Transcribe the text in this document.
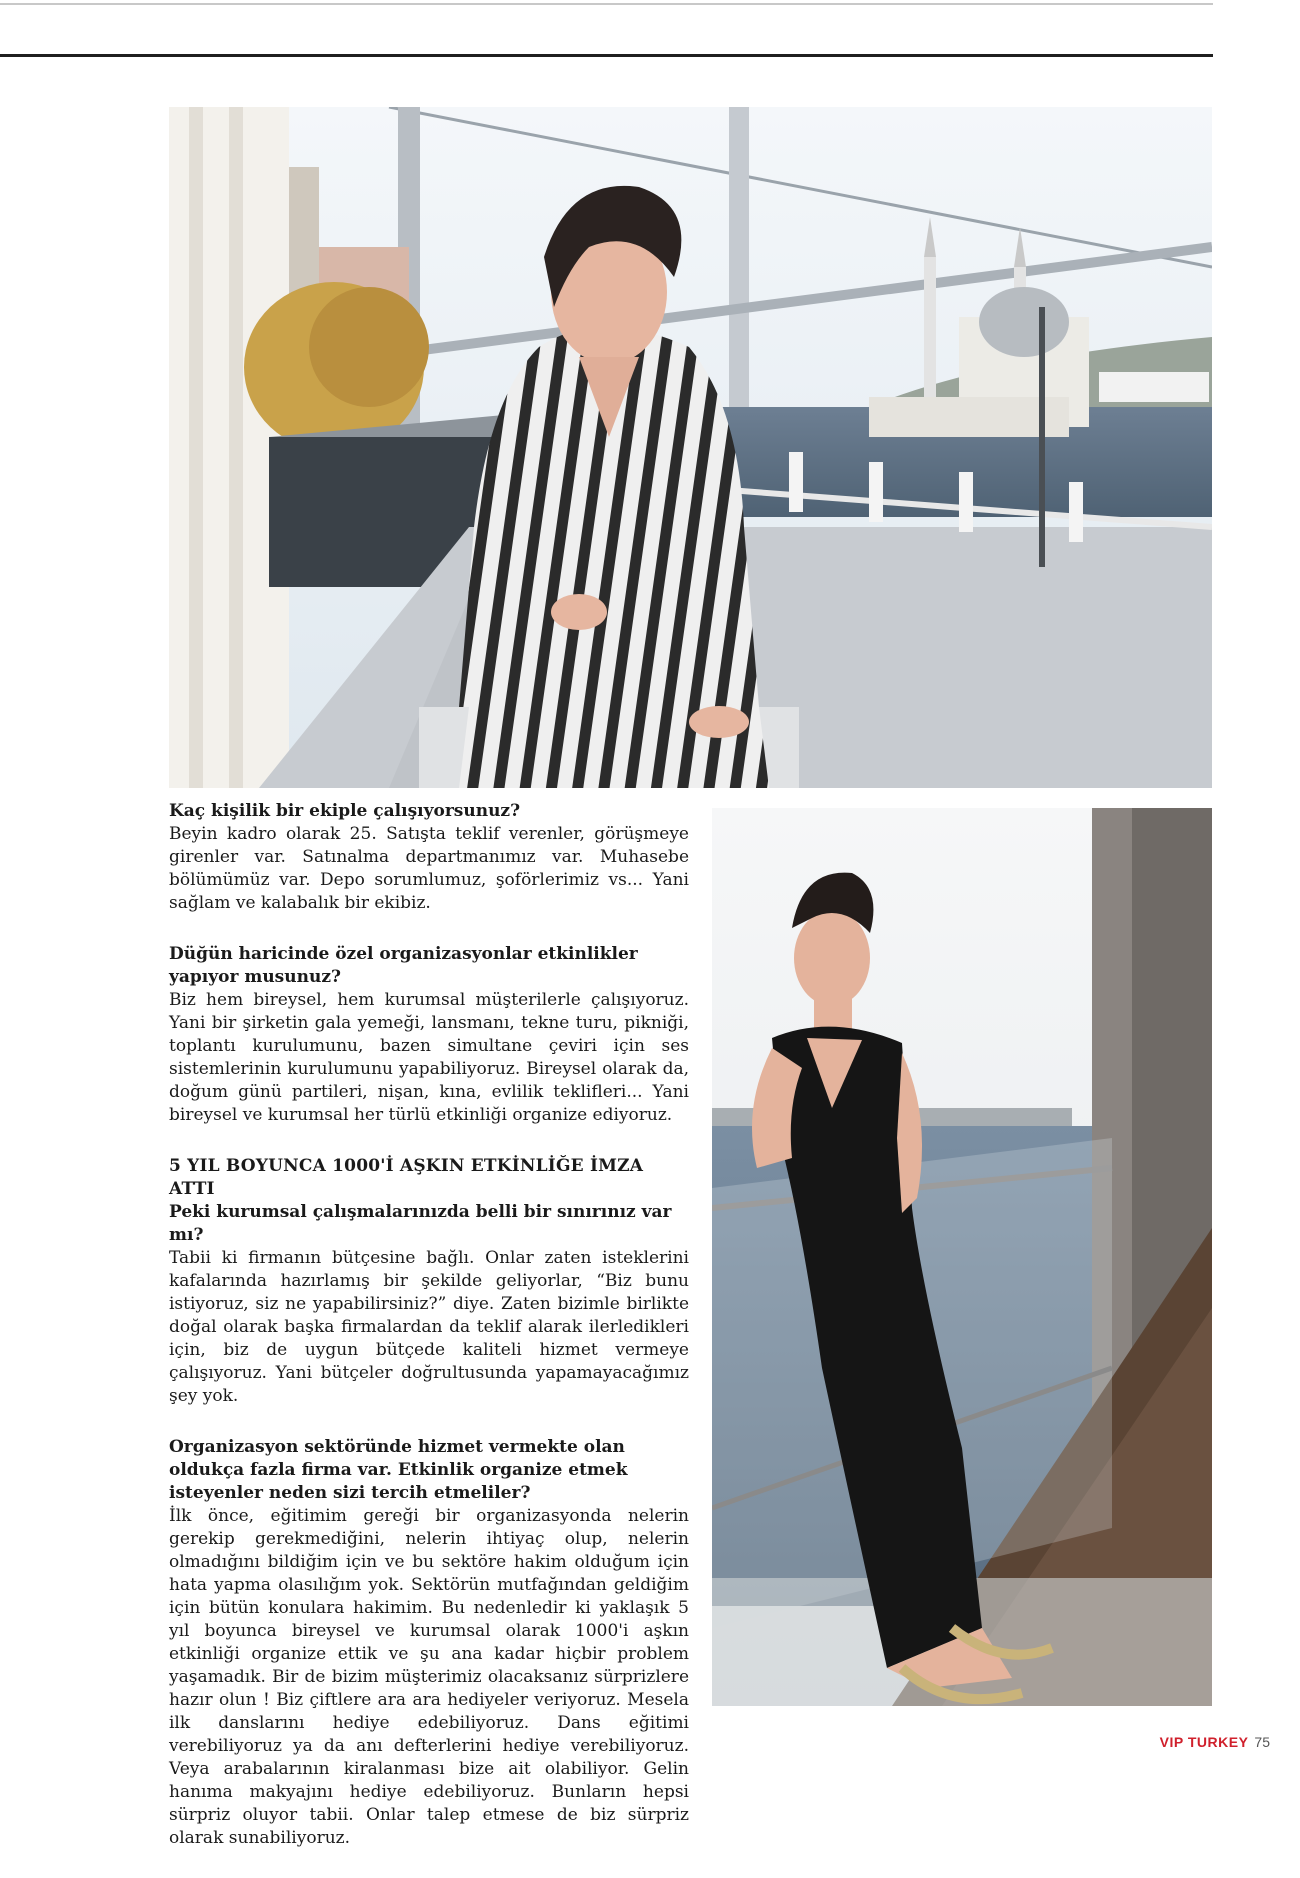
Kaç kişilik bir ekiple çalışıyorsunuz?

Beyin kadro olarak 25. Satışta teklif verenler, görüşmeye girenler var. Satınalma departmanımız var. Muhasebe bölümümüz var. Depo sorumlumuz, şoförlerimiz vs... Yani sağlam ve kalabalık bir ekibiz.

Düğün haricinde özel organizasyonlar etkinlikler yapıyor musunuz?

Biz hem bireysel, hem kurumsal müşterilerle çalışıyoruz. Yani bir şirketin gala yemeği, lansmanı, tekne turu, pikniği, toplantı kurulumunu, bazen simultane çeviri için ses sistemlerinin kurulumunu yapabiliyoruz. Bireysel olarak da, doğum günü partileri, nişan, kına, evlilik teklifleri... Yani bireysel ve kurumsal her türlü etkinliği organize ediyoruz.

5 YIL BOYUNCA 1000'İ AŞKIN ETKİNLİĞE İMZA ATTI

Peki kurumsal çalışmalarınızda belli bir sınırınız var mı?

Tabii ki firmanın bütçesine bağlı. Onlar zaten isteklerini kafalarında hazırlamış bir şekilde geliyorlar, “Biz bunu istiyoruz, siz ne yapabilirsiniz?” diye. Zaten bizimle birlikte doğal olarak başka firmalardan da teklif alarak ilerledikleri için, biz de uygun bütçede kaliteli hizmet vermeye çalışıyoruz. Yani bütçeler doğrultusunda yapamayacağımız şey yok.

Organizasyon sektöründe hizmet vermekte olan oldukça fazla firma var. Etkinlik organize etmek isteyenler neden sizi tercih etmeliler?

İlk önce, eğitimim gereği bir organizasyonda nelerin gerekip gerekmediğini, nelerin ihtiyaç olup, nelerin olmadığını bildiğim için ve bu sektöre hakim olduğum için hata yapma olasılığım yok. Sektörün mutfağından geldiğim için bütün konulara hakimim. Bu nedenledir ki yaklaşık 5 yıl boyunca bireysel ve kurumsal olarak 1000'i aşkın etkinliği organize ettik ve şu ana kadar hiçbir problem yaşamadık. Bir de bizim müşterimiz olacaksanız sürprizlere hazır olun ! Biz çiftlere ara ara hediyeler veriyoruz. Mesela ilk danslarını hediye edebiliyoruz. Dans eğitimi verebiliyoruz ya da anı defterlerini hediye verebiliyoruz. Veya arabalarının kiralanması bize ait olabiliyor. Gelin hanıma makyajını hediye edebiliyoruz. Bunların hepsi sürpriz oluyor tabii. Onlar talep etmese de biz sürpriz olarak sunabiliyoruz.

VIP TURKEY 75
